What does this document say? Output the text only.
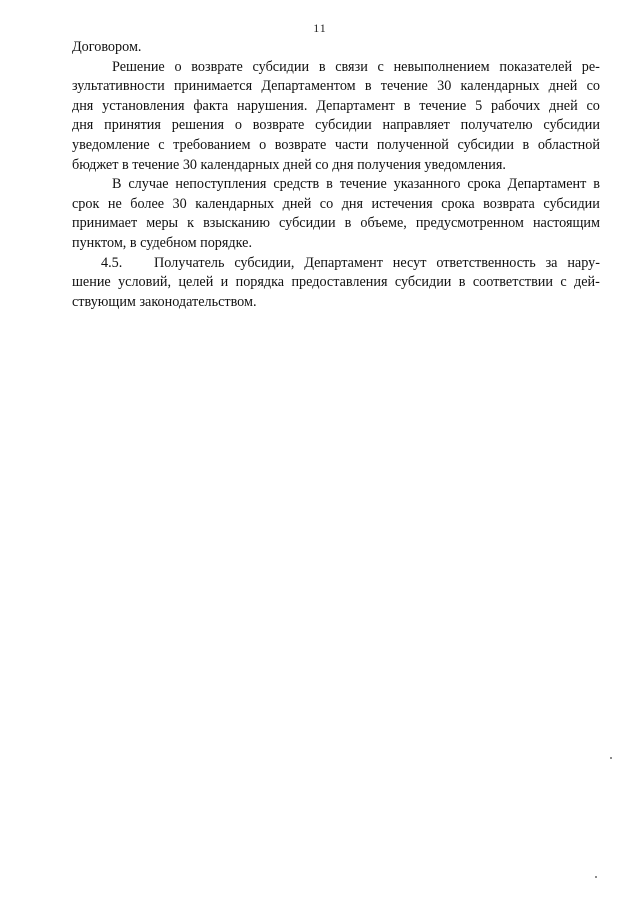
11
Договором.
Решение о возврате субсидии в связи с невыполнением показателей ре-
зультативности принимается Департаментом в течение 30 календарных дней со
дня установления факта нарушения. Департамент в течение 5 рабочих дней со
дня принятия решения о возврате субсидии направляет получателю субсидии
уведомление с требованием о возврате части полученной субсидии в областной
бюджет в течение 30 календарных дней со дня получения уведомления.
В случае непоступления средств в течение указанного срока Департамент в
срок не более 30 календарных дней со дня истечения срока возврата субсидии
принимает меры к взысканию субсидии в объеме, предусмотренном настоящим
пунктом, в судебном порядке.
4.5.	Получатель субсидии, Департамент несут ответственность за нару-
шение условий, целей и порядка предоставления субсидии в соответствии с дей-
ствующим законодательством.
